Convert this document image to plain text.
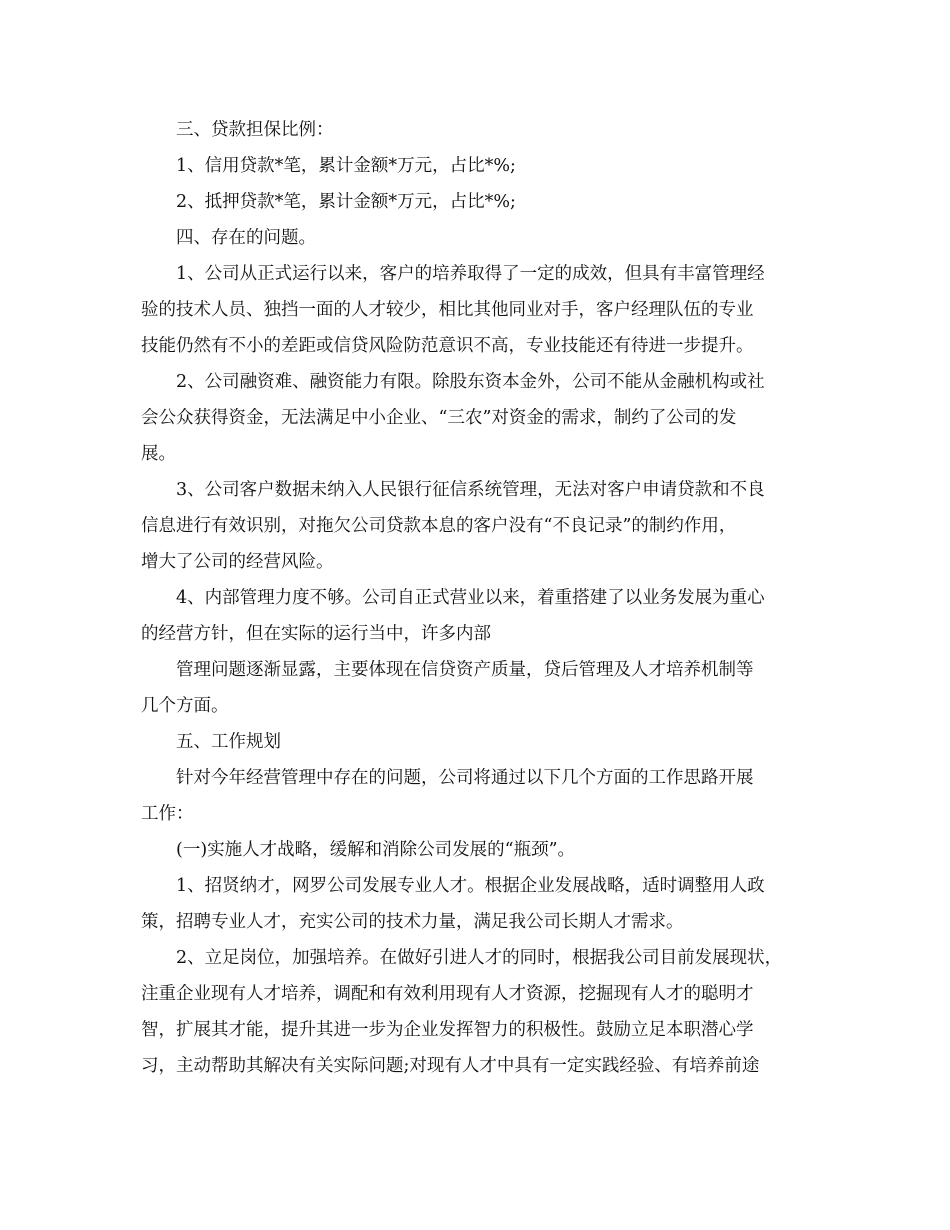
三、贷款担保比例：
1、信用贷款*笔，累计金额*万元，占比*%;
2、抵押贷款*笔，累计金额*万元，占比*%;
四、存在的问题。
1、公司从正式运行以来，客户的培养取得了一定的成效，但具有丰富管理经
验的技术人员、独挡一面的人才较少，相比其他同业对手，客户经理队伍的专业
技能仍然有不小的差距或信贷风险防范意识不高，专业技能还有待进一步提升。
2、公司融资难、融资能力有限。除股东资本金外，公司不能从金融机构或社
会公众获得资金，无法满足中小企业、“三农”对资金的需求，制约了公司的发
展。
3、公司客户数据未纳入人民银行征信系统管理，无法对客户申请贷款和不良
信息进行有效识别，对拖欠公司贷款本息的客户没有“不良记录”的制约作用，
增大了公司的经营风险。
4、内部管理力度不够。公司自正式营业以来，着重搭建了以业务发展为重心
的经营方针，但在实际的运行当中，许多内部
管理问题逐渐显露，主要体现在信贷资产质量，贷后管理及人才培养机制等
几个方面。
五、工作规划
针对今年经营管理中存在的问题，公司将通过以下几个方面的工作思路开展
工作：
(一)实施人才战略，缓解和消除公司发展的“瓶颈”。
1、招贤纳才，网罗公司发展专业人才。根据企业发展战略，适时调整用人政
策，招聘专业人才，充实公司的技术力量，满足我公司长期人才需求。
2、立足岗位，加强培养。在做好引进人才的同时，根据我公司目前发展现状，
注重企业现有人才培养，调配和有效利用现有人才资源，挖掘现有人才的聪明才
智，扩展其才能，提升其进一步为企业发挥智力的积极性。鼓励立足本职潜心学
习，主动帮助其解决有关实际问题;对现有人才中具有一定实践经验、有培养前途
